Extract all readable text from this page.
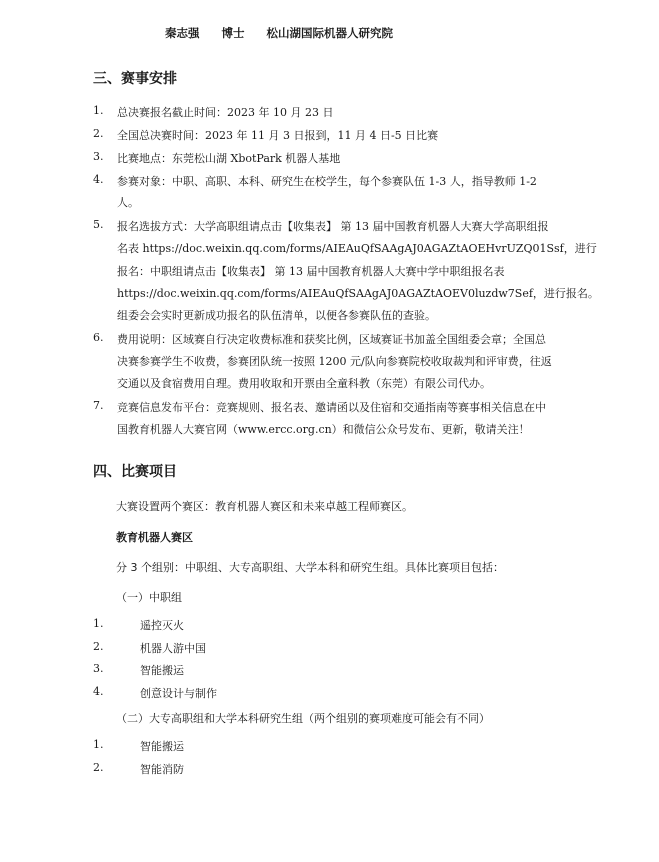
秦志强 博士 松山湖国际机器人研究院
三、赛事安排
1. 总决赛报名截止时间：2023 年 10 月 23 日
2. 全国总决赛时间：2023 年 11 月 3 日报到，11 月 4 日-5 日比赛
3. 比赛地点：东莞松山湖 XbotPark 机器人基地
4. 参赛对象：中职、高职、本科、研究生在校学生，每个参赛队伍 1-3 人，指导教师 1-2
人。
5. 报名选拔方式：大学高职组请点击【收集表】 第 13 届中国教育机器人大赛大学高职组报
名表 https://doc.weixin.qq.com/forms/AIEAuQfSAAgAJ0AGAZtAOEHvrUZQ01Ssf，进行
报名：中职组请点击【收集表】 第 13 届中国教育机器人大赛中学中职组报名表
https://doc.weixin.qq.com/forms/AIEAuQfSAAgAJ0AGAZtAOEV0luzdw7Sef，进行报名。
组委会会实时更新成功报名的队伍清单，以便各参赛队伍的查验。
6. 费用说明：区域赛自行决定收费标准和获奖比例，区域赛证书加盖全国组委会章；全国总
决赛参赛学生不收费，参赛团队统一按照 1200 元/队向参赛院校收取裁判和评审费，往返
交通以及食宿费用自理。费用收取和开票由全童科教（东莞）有限公司代办。
7. 竞赛信息发布平台：竞赛规则、报名表、邀请函以及住宿和交通指南等赛事相关信息在中
国教育机器人大赛官网（www.ercc.org.cn）和微信公众号发布、更新，敬请关注！
四、比赛项目
大赛设置两个赛区：教育机器人赛区和未来卓越工程师赛区。
教育机器人赛区
分 3 个组别：中职组、大专高职组、大学本科和研究生组。具体比赛项目包括：
（一）中职组
1.	遥控灭火
2.	机器人游中国
3.	智能搬运
4.	创意设计与制作
（二）大专高职组和大学本科研究生组（两个组别的赛项难度可能会有不同）
1.	智能搬运
2.	智能消防
